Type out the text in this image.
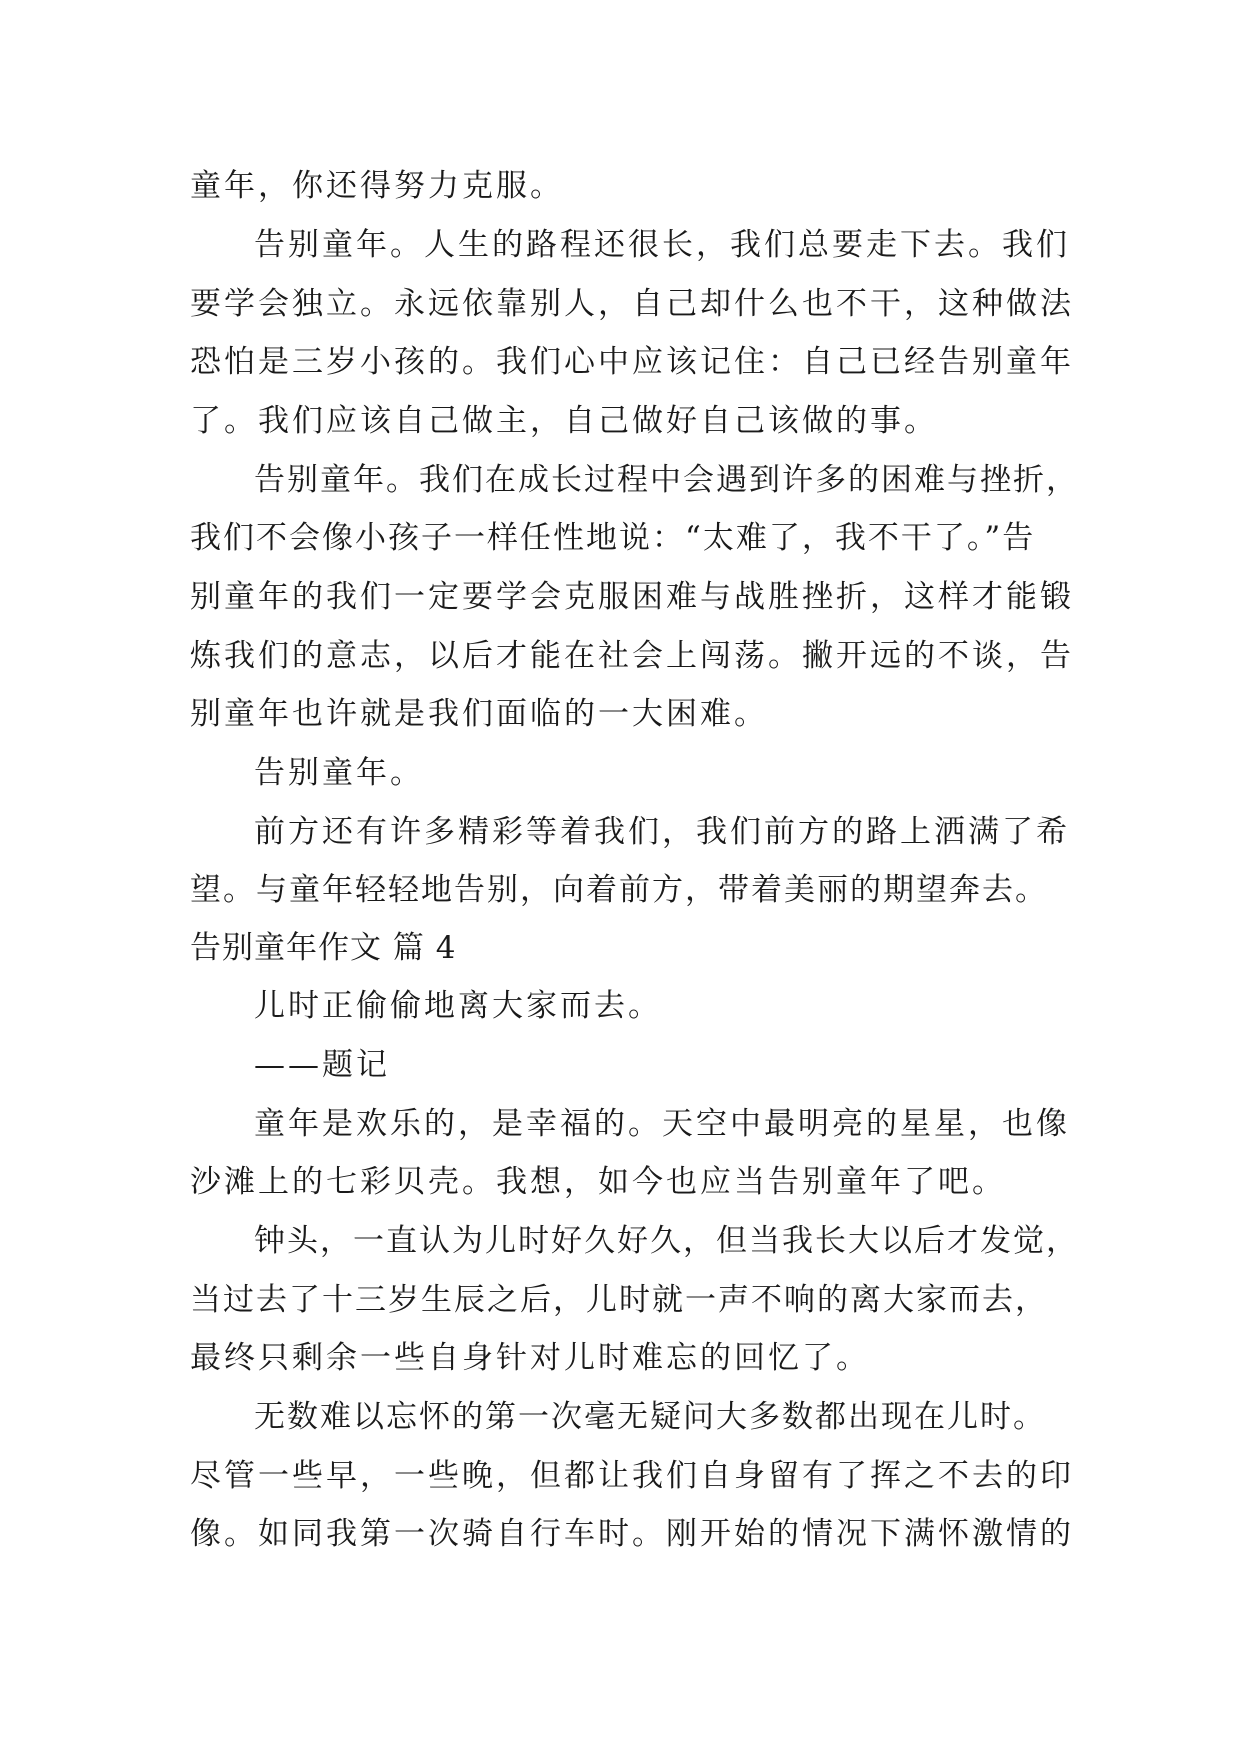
童年，你还得努力克服。

告别童年。人生的路程还很长，我们总要走下去。我们

要学会独立。永远依靠别人，自己却什么也不干，这种做法

恐怕是三岁小孩的。我们心中应该记住：自己已经告别童年

了。我们应该自己做主，自己做好自己该做的事。

告别童年。我们在成长过程中会遇到许多的困难与挫折，

我们不会像小孩子一样任性地说：“太难了，我不干了。”告

别童年的我们一定要学会克服困难与战胜挫折，这样才能锻

炼我们的意志，以后才能在社会上闯荡。撇开远的不谈，告

别童年也许就是我们面临的一大困难。

告别童年。

前方还有许多精彩等着我们，我们前方的路上洒满了希

望。与童年轻轻地告别，向着前方，带着美丽的期望奔去。

告别童年作文 篇 4

儿时正偷偷地离大家而去。

——题记

童年是欢乐的，是幸福的。天空中最明亮的星星，也像

沙滩上的七彩贝壳。我想，如今也应当告别童年了吧。

钟头，一直认为儿时好久好久，但当我长大以后才发觉，

当过去了十三岁生辰之后，儿时就一声不响的离大家而去，

最终只剩余一些自身针对儿时难忘的回忆了。

无数难以忘怀的第一次毫无疑问大多数都出现在儿时。

尽管一些早，一些晚，但都让我们自身留有了挥之不去的印

像。如同我第一次骑自行车时。刚开始的情况下满怀激情的
